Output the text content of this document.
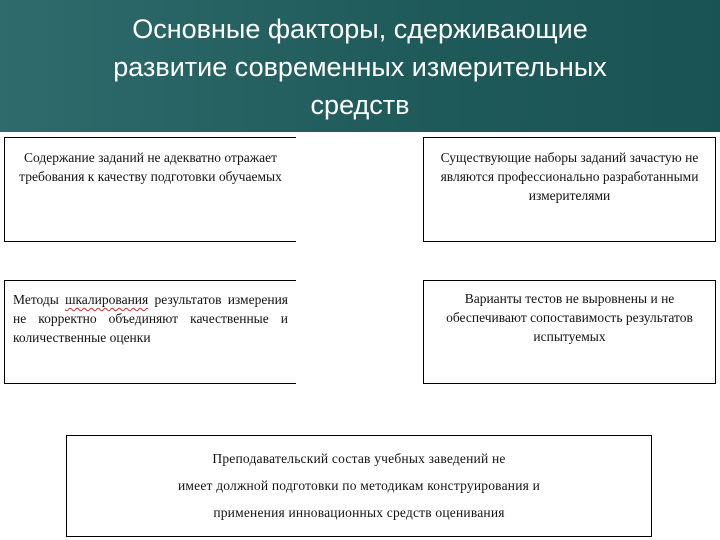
Основные факторы, сдерживающие
развитие современных измерительных
средств
Содержание заданий не адекватно отражает требования к качеству подготовки обучаемых
Существующие наборы заданий зачастую не являются профессионально разработанными измерителями
Методы шкалирования результатов измерения не корректно объединяют качественные и количественные оценки
Варианты тестов не выровнены и не обеспечивают сопоставимость результатов испытуемых
Преподавательский состав учебных заведений не
имеет должной подготовки по методикам конструирования и
применения инновационных средств оценивания
